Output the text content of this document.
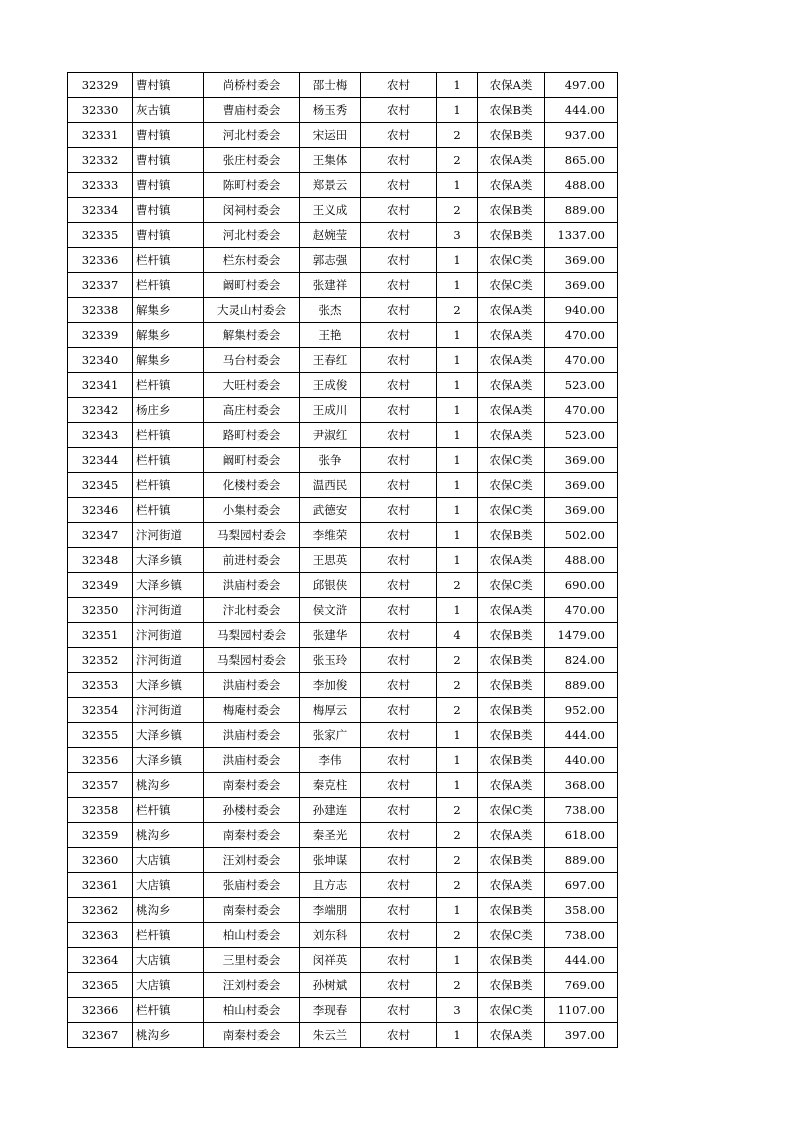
32329	曹村镇	尚桥村委会	邵士梅	农村	1	农保A类	497.00
32330	灰古镇	曹庙村委会	杨玉秀	农村	1	农保B类	444.00
32331	曹村镇	河北村委会	宋运田	农村	2	农保B类	937.00
32332	曹村镇	张庄村委会	王集体	农村	2	农保A类	865.00
32333	曹村镇	陈町村委会	郑景云	农村	1	农保A类	488.00
32334	曹村镇	闵祠村委会	王义成	农村	2	农保B类	889.00
32335	曹村镇	河北村委会	赵婉莹	农村	3	农保B类	1337.00
32336	栏杆镇	栏东村委会	郭志强	农村	1	农保C类	369.00
32337	栏杆镇	阚町村委会	张建祥	农村	1	农保C类	369.00
32338	解集乡	大灵山村委会	张杰	农村	2	农保A类	940.00
32339	解集乡	解集村委会	王艳	农村	1	农保A类	470.00
32340	解集乡	马台村委会	王春红	农村	1	农保A类	470.00
32341	栏杆镇	大旺村委会	王成俊	农村	1	农保A类	523.00
32342	杨庄乡	高庄村委会	王成川	农村	1	农保A类	470.00
32343	栏杆镇	路町村委会	尹淑红	农村	1	农保A类	523.00
32344	栏杆镇	阚町村委会	张争	农村	1	农保C类	369.00
32345	栏杆镇	化楼村委会	温西民	农村	1	农保C类	369.00
32346	栏杆镇	小集村委会	武德安	农村	1	农保C类	369.00
32347	汴河街道	马梨园村委会	李维荣	农村	1	农保B类	502.00
32348	大泽乡镇	前进村委会	王思英	农村	1	农保A类	488.00
32349	大泽乡镇	洪庙村委会	邱银侠	农村	2	农保C类	690.00
32350	汴河街道	汴北村委会	侯文浒	农村	1	农保A类	470.00
32351	汴河街道	马梨园村委会	张建华	农村	4	农保B类	1479.00
32352	汴河街道	马梨园村委会	张玉玲	农村	2	农保B类	824.00
32353	大泽乡镇	洪庙村委会	李加俊	农村	2	农保B类	889.00
32354	汴河街道	梅庵村委会	梅厚云	农村	2	农保B类	952.00
32355	大泽乡镇	洪庙村委会	张家广	农村	1	农保B类	444.00
32356	大泽乡镇	洪庙村委会	李伟	农村	1	农保B类	440.00
32357	桃沟乡	南秦村委会	秦克柱	农村	1	农保A类	368.00
32358	栏杆镇	孙楼村委会	孙建连	农村	2	农保C类	738.00
32359	桃沟乡	南秦村委会	秦圣光	农村	2	农保A类	618.00
32360	大店镇	汪刘村委会	张坤谋	农村	2	农保B类	889.00
32361	大店镇	张庙村委会	且方志	农村	2	农保A类	697.00
32362	桃沟乡	南秦村委会	李端朋	农村	1	农保B类	358.00
32363	栏杆镇	柏山村委会	刘东科	农村	2	农保C类	738.00
32364	大店镇	三里村委会	闵祥英	农村	1	农保B类	444.00
32365	大店镇	汪刘村委会	孙树斌	农村	2	农保B类	769.00
32366	栏杆镇	柏山村委会	李现春	农村	3	农保C类	1107.00
32367	桃沟乡	南秦村委会	朱云兰	农村	1	农保A类	397.00
